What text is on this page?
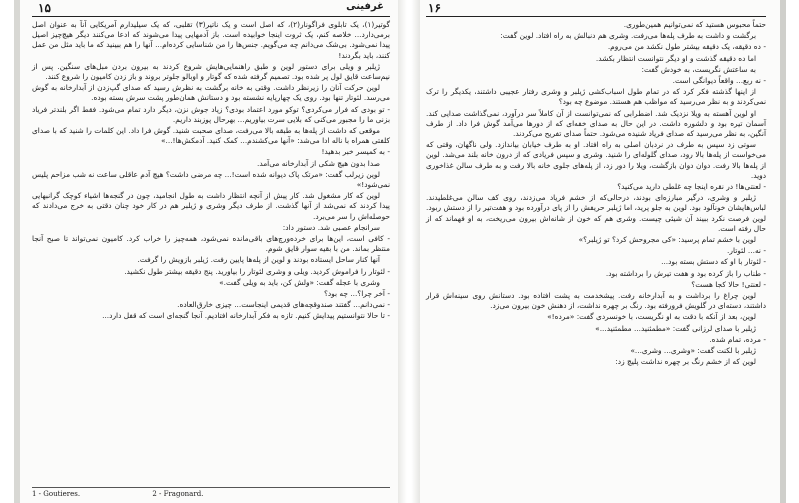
۱۵	غرفینی

گوتیر(۱)، یک تابلوی فراگونار(۲)، که اصل است و یک ناتیر(۳) تقلبی، که یک سیلیدارم آمریکایی آنآ به عنوان اصل برمی‌دارد... خلاصه کنم، یک ثروت اینجا خوابیده است. باز آدمهایی پیدا می‌شوند که ادعا می‌کنند دیگر هیچ‌چیز اصیل پیدا نمی‌شود. بی‌شک می‌دانم چه می‌گویم. جنس‌ها را من شناسایی کرده‌ام... آنها را هم ببینید که ما باید مثل من عمل کنند، باید بگردند!

ژیلبر و ویلی برای دستور لوین و طبق راهنمایی‌هایش شروع کردند به بیرون بردن مبل‌های سنگین. پس از نیم‌ساعت قایق لول پر شده بود. تصمیم گرفته شده که گوتار و اوبالو جلوتر بروند و باز زدن کامیون را شروع کنند.

لوین حرکت آنان را زیرنظر داشت. وقتی به خانه برگشت به نظرش رسید که صدای گپ‌زدن از آبدارخانه به گوش می‌رسد. لئوتار تنها بود. روی یک چهارپایه نشسته بود و دستانش همان‌طور پشت سرش بسته بوده.

- تو بودی که فرار می‌کردی؟ توکو مورد اعتماد بودی؟ زیاد جوش نزن، دیگر دارد تمام می‌شود. فقط اگر بلندتر فریاد بزنی ما را مجبور می‌کنی که بلایی سرت بیاوریم... بهرحال پوزبند داریم.

موقعی که داشت از پله‌ها به طبقه بالا می‌رفت، صدای صحبت شنید. گوش فرا داد. این کلمات را شنید که با صدای کلفتی همراه با ناله ادا می‌شد: «آنها می‌کشندم... کمک کنید. آدمکش‌ها!...»

- به کمیسر خبر بدهید!

صدا بدون هیچ شکی از آبدارخانه می‌آمد.

لوین زیرلب گفت: «مرتک پاک دیوانه شده است!... چه مرضی داشت؟ هیچ آدم عاقلی ساعت نه شب مزاحم پلیس نمی‌شود!»

لوین که کار مشغول شد. کار پیش از آنچه انتظار داشت به طول انجامید، چون در گنجه‌ها اشیاء کوچک گرانبهایی پیدا کردند که نمی‌شد از آنها گذشت. از طرف دیگر وشری و ژیلبر هم در کار خود چنان دقتی به خرج می‌دادند که حوصله‌اش را سر می‌برد.

سرانجام عصبی شد. دستور داد:

- کافی است، این‌ها برای خرده‌ورچ‌های باقی‌مانده نمی‌شود، همه‌چیز را خراب کرد. کامیون نمی‌تواند تا صبح آنجا منتظر بماند. من با بقیه سوار قایق شوم.

آنها کنار ساحل ایستاده بودند و لوین از پله‌ها پایین رفت. ژیلبر بازویش را گرفت.

- لئوتار را فراموش کردید. ویلی و وشری لئوتار را بیاورید. پنج دقیقه بیشتر طول نکشید.

وشری با عجله گفت: «ولش کن، باید به ویلی گفت.»

- آخر چرا؟... چه بود؟

- نمی‌دانم... گفتند صندوقچه‌های قدیمی اینجاست... چیزی خارق‌العاده.

- تا حالا نتوانستیم پیدایش کنیم. تازه به فکر آبدارخانه افتادیم. آنجا گنجه‌ای است که قفل دارد...

1 - Goutieres.	2 - Fragonard.
۱۶

حتماً محبوس هستید که نمی‌توانیم همین‌طوری.

برگشت و داشت به طرف پله‌ها می‌رفت. وشری هم دنبالش به راه افتاد. لوین گفت:

- ده دقیقه، یک دقیقه بیشتر طول نکشد من می‌روم.

اما ده دقیقه گذشت و او دیگر نتوانست انتظار بکشد.

به ساعتش نگریست، به خودش گفت:

- نه ربع... واقعاً دیوانگی است.

از اینها گذشته فکر کرد که در تمام طول اسباب‌کشی ژیلبر و وشری رفتار عجیبی داشتند، یکدیگر را ترک نمی‌کردند و به نظر می‌رسید که مواظب هم هستند. موضوع چه بود؟

او لوین آهسته به ویلا نزدیک شد. اضطرابی که نمی‌توانست از آن کاملاً سر درآورد، نمی‌گذاشت صدایی کند. آسمان تیره بود و دلشوره داشت. در این حال به صدای خفه‌ای که از دورها می‌آمد گوش فرا داد. از طرف آنگین، به نظر می‌رسید که صدای فریاد شنیده می‌شود. حتماً صدای تفریح می‌کردند.

سوتی زد سپس به طرف در نردبان اصلی به راه افتاد. او به طرف خیابان بیاندازد. ولی ناگهان، وقتی که می‌خواست از پله‌ها بالا رود، صدای گلوله‌ای را شنید. وشری و سپس فریادی که از درون خانه بلند می‌شد. لوین از پله‌ها بالا رفت. دوان دوان بازگشت، ویلا را دور زد، از پله‌های جلوی خانه بالا رفت و به طرف سالن غذاخوری دوید.

- لعنتی‌ها! در نقره اینجا چه غلطی دارید می‌کنید؟

ژیلبر و وشری، درگیر مبارزه‌ای بودند، درحالی‌که از خشم فریاد می‌زدند، روی کف سالن می‌غلطیدند. لباس‌هایشان خونآلود بود. لوین به جلو پرید، اما ژیلبر حریفش را از پای درآورده بود و هفت‌تیر را از دستش ربود. لوین فرصت نکرد ببیند آن شیئی چیست. وشری هم که خون از شانه‌اش بیرون می‌ریخت، به او فهماند که از حال رفته است.

لوین با خشم تمام پرسید: «کی مجروحش کرد؟ تو ژیلبر؟»

- نه... لئوتار.

- لئوتار با او که دستش بسته بود...

- طناب را باز کرده بود و هفت تیرش را برداشته بود.

- لعنتی! حالا کجا هست؟

لوین چراغ را برداشت و به آبدارخانه رفت. پیشخدمت به پشت افتاده بود. دستانش روی سینه‌اش قرار داشتند، دسته‌ای در گلویش فرورفته بود. رنگ بر چهره نداشت، از دهنش خون بیرون می‌زد.

لوین، بعد از آنکه با دقت به او نگریست، با خونسردی گفت: «مرده!»

ژیلبر با صدای لرزانی گفت: «مطمئنید... مطمئنید...»

- مرده، تمام شده.

ژیلبر با لکنت گفت: «وشری... وشری...»

لوین که از خشم رنگ بر چهره نداشت پلیچ زد:
